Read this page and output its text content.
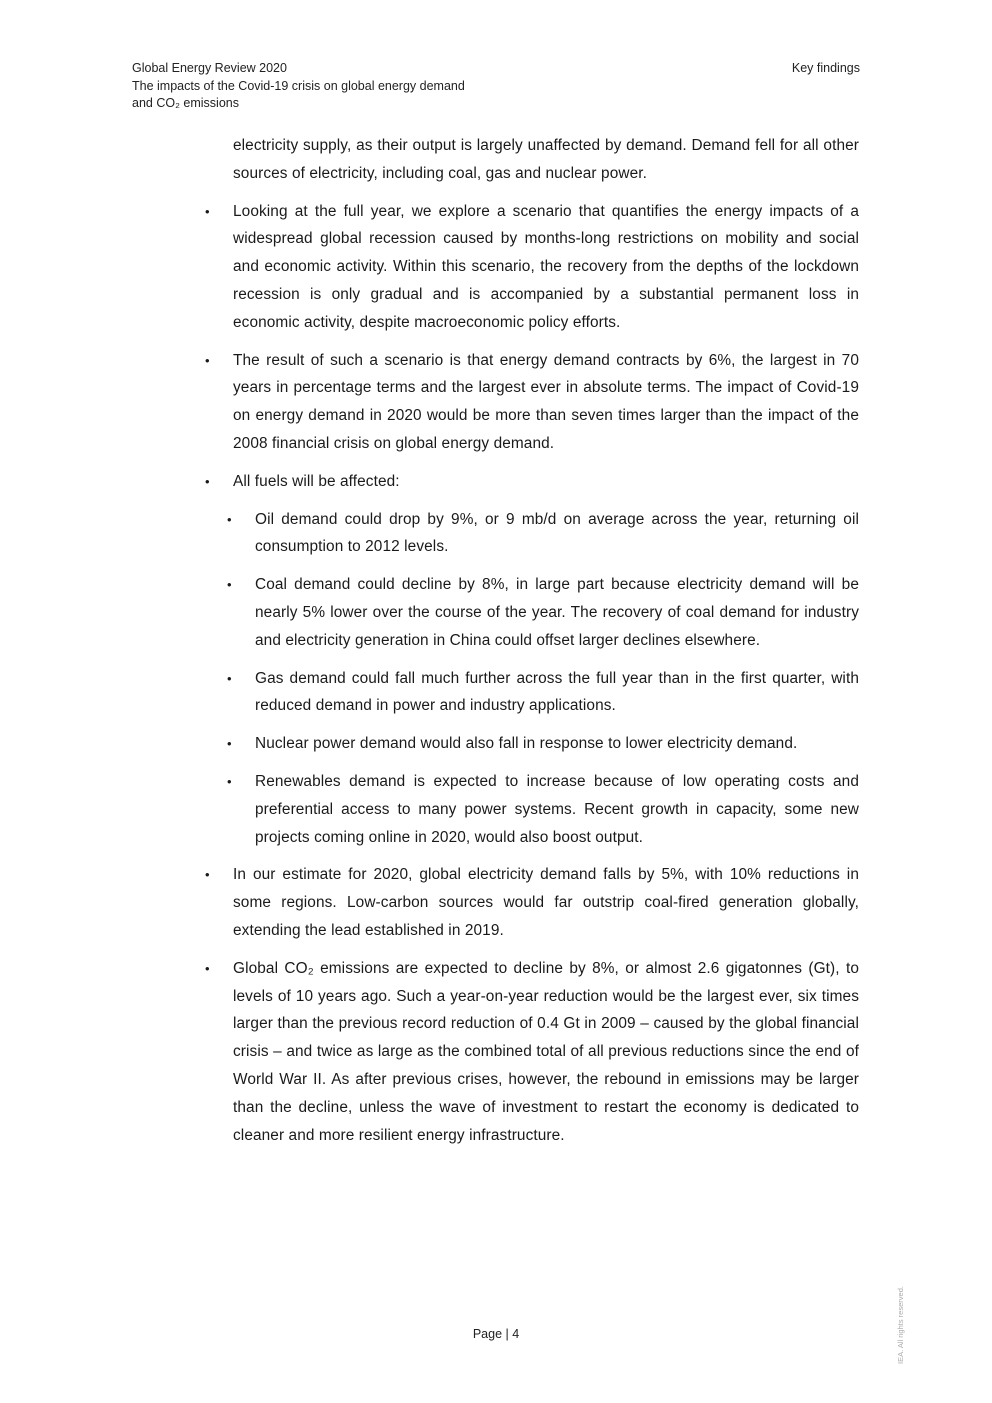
Global Energy Review 2020
The impacts of the Covid-19 crisis on global energy demand
and CO₂ emissions
Key findings

electricity supply, as their output is largely unaffected by demand. Demand fell for all other sources of electricity, including coal, gas and nuclear power.

• Looking at the full year, we explore a scenario that quantifies the energy impacts of a widespread global recession caused by months-long restrictions on mobility and social and economic activity. Within this scenario, the recovery from the depths of the lockdown recession is only gradual and is accompanied by a substantial permanent loss in economic activity, despite macroeconomic policy efforts.

• The result of such a scenario is that energy demand contracts by 6%, the largest in 70 years in percentage terms and the largest ever in absolute terms. The impact of Covid-19 on energy demand in 2020 would be more than seven times larger than the impact of the 2008 financial crisis on global energy demand.

• All fuels will be affected:

• Oil demand could drop by 9%, or 9 mb/d on average across the year, returning oil consumption to 2012 levels.

• Coal demand could decline by 8%, in large part because electricity demand will be nearly 5% lower over the course of the year. The recovery of coal demand for industry and electricity generation in China could offset larger declines elsewhere.

• Gas demand could fall much further across the full year than in the first quarter, with reduced demand in power and industry applications.

• Nuclear power demand would also fall in response to lower electricity demand.

• Renewables demand is expected to increase because of low operating costs and preferential access to many power systems. Recent growth in capacity, some new projects coming online in 2020, would also boost output.

• In our estimate for 2020, global electricity demand falls by 5%, with 10% reductions in some regions. Low-carbon sources would far outstrip coal-fired generation globally, extending the lead established in 2019.

• Global CO₂ emissions are expected to decline by 8%, or almost 2.6 gigatonnes (Gt), to levels of 10 years ago. Such a year-on-year reduction would be the largest ever, six times larger than the previous record reduction of 0.4 Gt in 2009 – caused by the global financial crisis – and twice as large as the combined total of all previous reductions since the end of World War II. As after previous crises, however, the rebound in emissions may be larger than the decline, unless the wave of investment to restart the economy is dedicated to cleaner and more resilient energy infrastructure.

Page | 4	IEA. All rights reserved.
